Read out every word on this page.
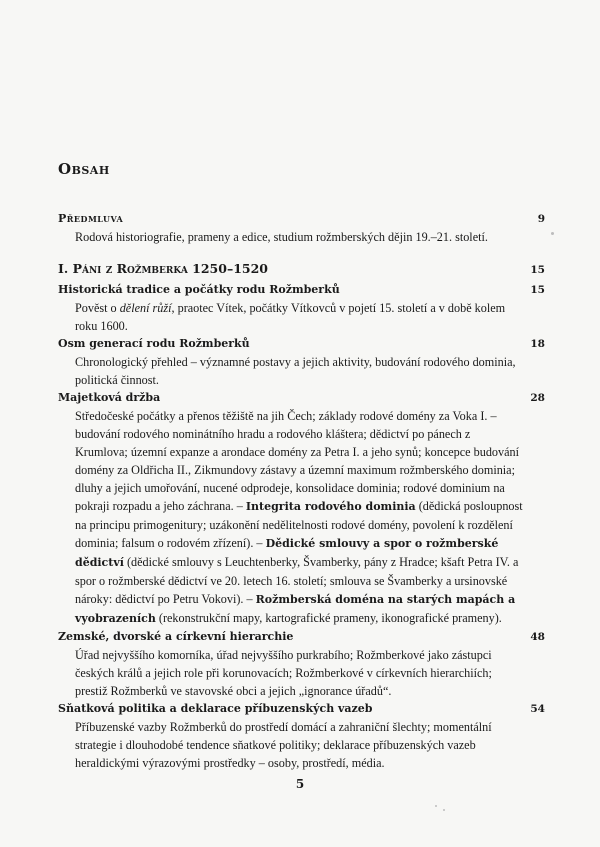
Obsah
Předmluva	9
Rodová historiografie, prameny a edice, studium rožmberských dějin 19.–21. století.
I. Páni z Rožmberka 1250–1520	15
Historická tradice a počátky rodu Rožmberků	15
Pověst o dělení růží, praotec Vítek, počátky Vítkovců v pojetí 15. století a v době kolem roku 1600.
Osm generací rodu Rožmberků	18
Chronologický přehled – významné postavy a jejich aktivity, budování rodového dominia, politická činnost.
Majetková držba	28
Středočeské počátky a přenos těžiště na jih Čech; základy rodové domény za Voka I. – budování rodového nominátního hradu a rodového kláštera; dědictví po pánech z Krumlova; územní expanze a arondace domény za Petra I. a jeho synů; koncepce budování domény za Oldřicha II., Zikmundovy zástavy a územní maximum rožmberského dominia; dluhy a jejich umořování, nucené odprodeje, konsolidace dominia; rodové dominium na pokraji rozpadu a jeho záchrana. – Integrita rodového dominia (dědická posloupnost na principu primogenitury; uzákonění nedělitelnosti rodové domény, povolení k rozdělení dominia; falsum o rodovém zřízení). – Dědické smlouvy a spor o rožmberské dědictví (dědické smlouvy s Leuchtenberky, Švamberky, pány z Hradce; kšaft Petra IV. a spor o rožmberské dědictví ve 20. letech 16. století; smlouva se Švamberky a ursinovské nároky: dědictví po Petru Vokovi). – Rožmberská doména na starých mapách a vyobrazeních (rekonstrukční mapy, kartografické prameny, ikonografické prameny).
Zemské, dvorské a církevní hierarchie	48
Úřad nejvyššího komorníka, úřad nejvyššího purkrabího; Rožmberkové jako zástupci českých králů a jejich role při korunovacích; Rožmberkové v církevních hierarchiích; prestiž Rožmberků ve stavovské obci a jejich „ignorance úřadů“.
Sňatková politika a deklarace příbuzenských vazeb	54
Příbuzenské vazby Rožmberků do prostředí domácí a zahraniční šlechty; momentální strategie i dlouhodobé tendence sňatkové politiky; deklarace příbuzenských vazeb heraldickými výrazovými prostředky – osoby, prostředí, média.
5
